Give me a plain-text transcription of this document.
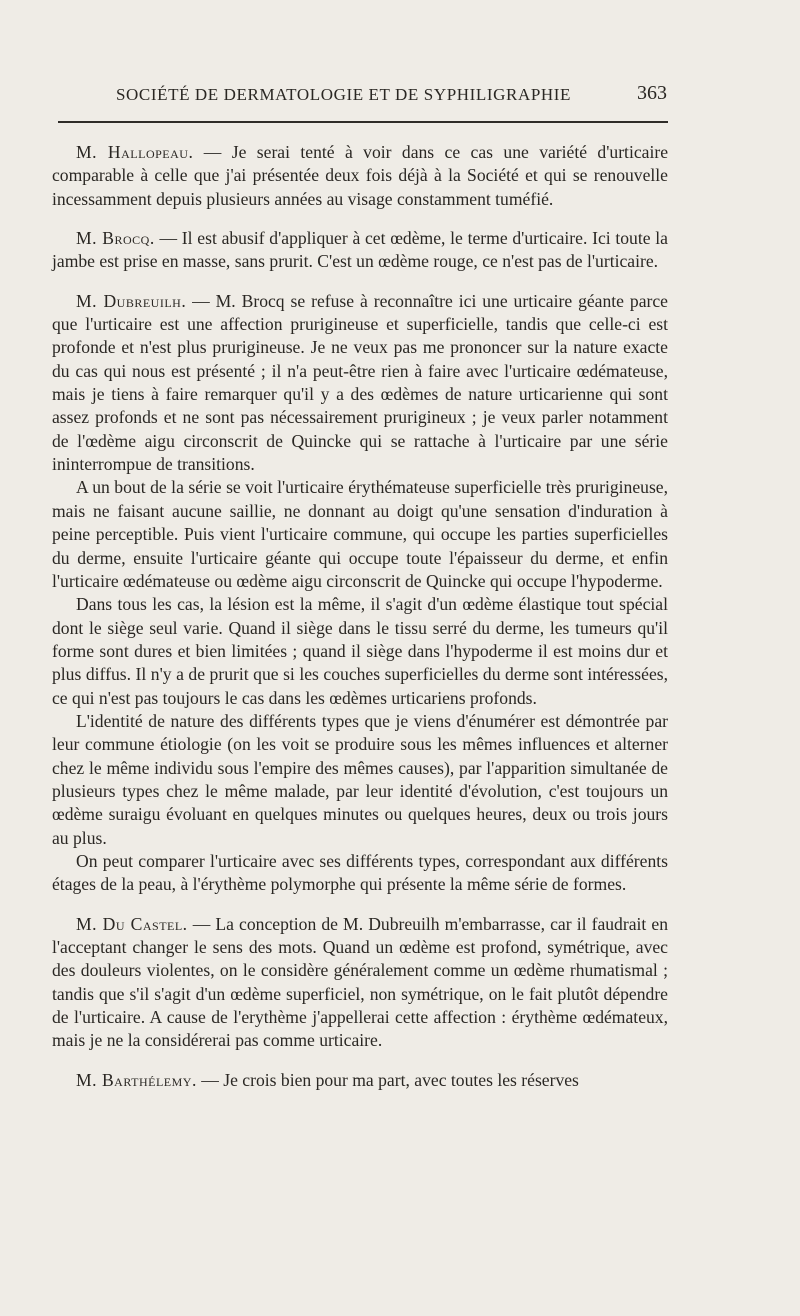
SOCIÉTÉ DE DERMATOLOGIE ET DE SYPHILIGRAPHIE	363

M. Hallopeau. — Je serai tenté à voir dans ce cas une variété d'urticaire comparable à celle que j'ai présentée deux fois déjà à la Société et qui se renouvelle incessamment depuis plusieurs années au visage constamment tuméfié.

M. Brocq. — Il est abusif d'appliquer à cet œdème, le terme d'urticaire. Ici toute la jambe est prise en masse, sans prurit. C'est un œdème rouge, ce n'est pas de l'urticaire.

M. Dubreuilh. — M. Brocq se refuse à reconnaître ici une urticaire géante parce que l'urticaire est une affection prurigineuse et superficielle, tandis que celle-ci est profonde et n'est plus prurigineuse. Je ne veux pas me prononcer sur la nature exacte du cas qui nous est présenté ; il n'a peut-être rien à faire avec l'urticaire œdémateuse, mais je tiens à faire remarquer qu'il y a des œdèmes de nature urticarienne qui sont assez profonds et ne sont pas nécessairement prurigineux ; je veux parler notamment de l'œdème aigu circonscrit de Quincke qui se rattache à l'urticaire par une série ininterrompue de transitions.

A un bout de la série se voit l'urticaire érythémateuse superficielle très prurigineuse, mais ne faisant aucune saillie, ne donnant au doigt qu'une sensation d'induration à peine perceptible. Puis vient l'urticaire commune, qui occupe les parties superficielles du derme, ensuite l'urticaire géante qui occupe toute l'épaisseur du derme, et enfin l'urticaire œdémateuse ou œdème aigu circonscrit de Quincke qui occupe l'hypoderme.

Dans tous les cas, la lésion est la même, il s'agit d'un œdème élastique tout spécial dont le siège seul varie. Quand il siège dans le tissu serré du derme, les tumeurs qu'il forme sont dures et bien limitées ; quand il siège dans l'hypoderme il est moins dur et plus diffus. Il n'y a de prurit que si les couches superficielles du derme sont intéressées, ce qui n'est pas toujours le cas dans les œdèmes urticariens profonds.

L'identité de nature des différents types que je viens d'énumérer est démontrée par leur commune étiologie (on les voit se produire sous les mêmes influences et alterner chez le même individu sous l'empire des mêmes causes), par l'apparition simultanée de plusieurs types chez le même malade, par leur identité d'évolution, c'est toujours un œdème suraigu évoluant en quelques minutes ou quelques heures, deux ou trois jours au plus.

On peut comparer l'urticaire avec ses différents types, correspondant aux différents étages de la peau, à l'érythème polymorphe qui présente la même série de formes.

M. Du Castel. — La conception de M. Dubreuilh m'embarrasse, car il faudrait en l'acceptant changer le sens des mots. Quand un œdème est profond, symétrique, avec des douleurs violentes, on le considère généralement comme un œdème rhumatismal ; tandis que s'il s'agit d'un œdème superficiel, non symétrique, on le fait plutôt dépendre de l'urticaire. A cause de l'erythème j'appellerai cette affection : érythème œdémateux, mais je ne la considérerai pas comme urticaire.

M. Barthélemy. — Je crois bien pour ma part, avec toutes les réserves
